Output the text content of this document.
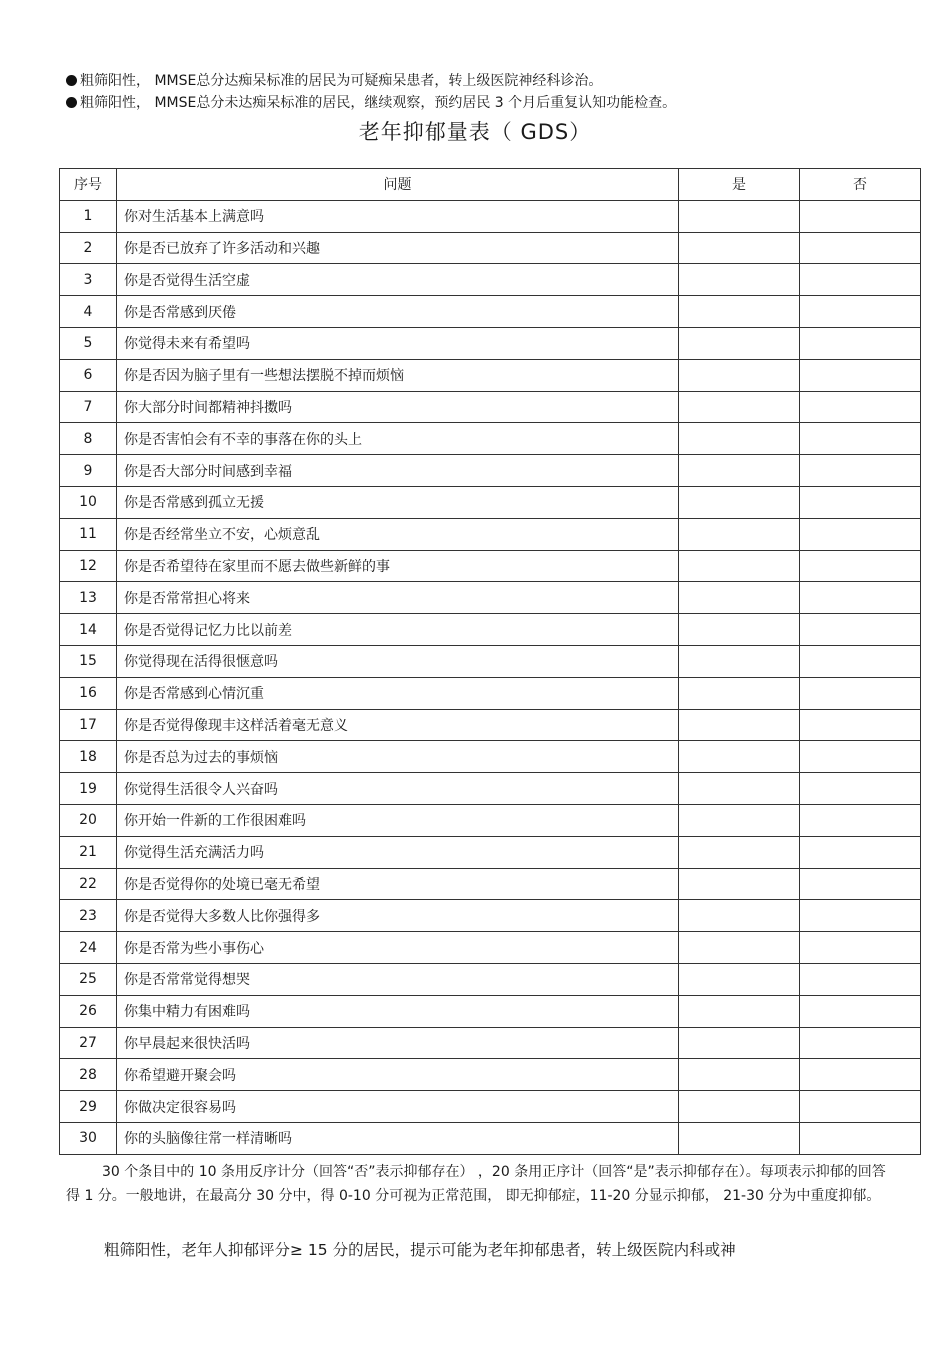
粗筛阳性， MMSE总分达痴呆标准的居民为可疑痴呆患者，转上级医院神经科诊治。
粗筛阳性， MMSE总分未达痴呆标准的居民，继续观察，预约居民 3 个月后重复认知功能检查。
老年抑郁量表（ GDS）
序号	问题	是	否
1	你对生活基本上满意吗		
2	你是否已放弃了许多活动和兴趣		
3	你是否觉得生活空虚		
4	你是否常感到厌倦		
5	你觉得未来有希望吗		
6	你是否因为脑子里有一些想法摆脱不掉而烦恼		
7	你大部分时间都精神抖擞吗		
8	你是否害怕会有不幸的事落在你的头上		
9	你是否大部分时间感到幸福		
10	你是否常感到孤立无援		
11	你是否经常坐立不安，心烦意乱		
12	你是否希望待在家里而不愿去做些新鲜的事		
13	你是否常常担心将来		
14	你是否觉得记忆力比以前差		
15	你觉得现在活得很惬意吗		
16	你是否常感到心情沉重		
17	你是否觉得像现丰这样活着毫无意义		
18	你是否总为过去的事烦恼		
19	你觉得生活很令人兴奋吗		
20	你开始一件新的工作很困难吗		
21	你觉得生活充满活力吗		
22	你是否觉得你的处境已毫无希望		
23	你是否觉得大多数人比你强得多		
24	你是否常为些小事伤心		
25	你是否常常觉得想哭		
26	你集中精力有困难吗		
27	你早晨起来很快活吗		
28	你希望避开聚会吗		
29	你做决定很容易吗		
30	你的头脑像往常一样清晰吗		

30 个条目中的 10 条用反序计分（回答“否”表示抑郁存在） ，20 条用正序计（回答“是”表示抑郁存在）。每项表示抑郁的回答得 1 分。一般地讲，在最高分 30 分中，得 0-10 分可视为正常范围， 即无抑郁症，11-20 分显示抑郁， 21-30 分为中重度抑郁。

粗筛阳性，老年人抑郁评分≥ 15 分的居民，提示可能为老年抑郁患者，转上级医院内科或神
